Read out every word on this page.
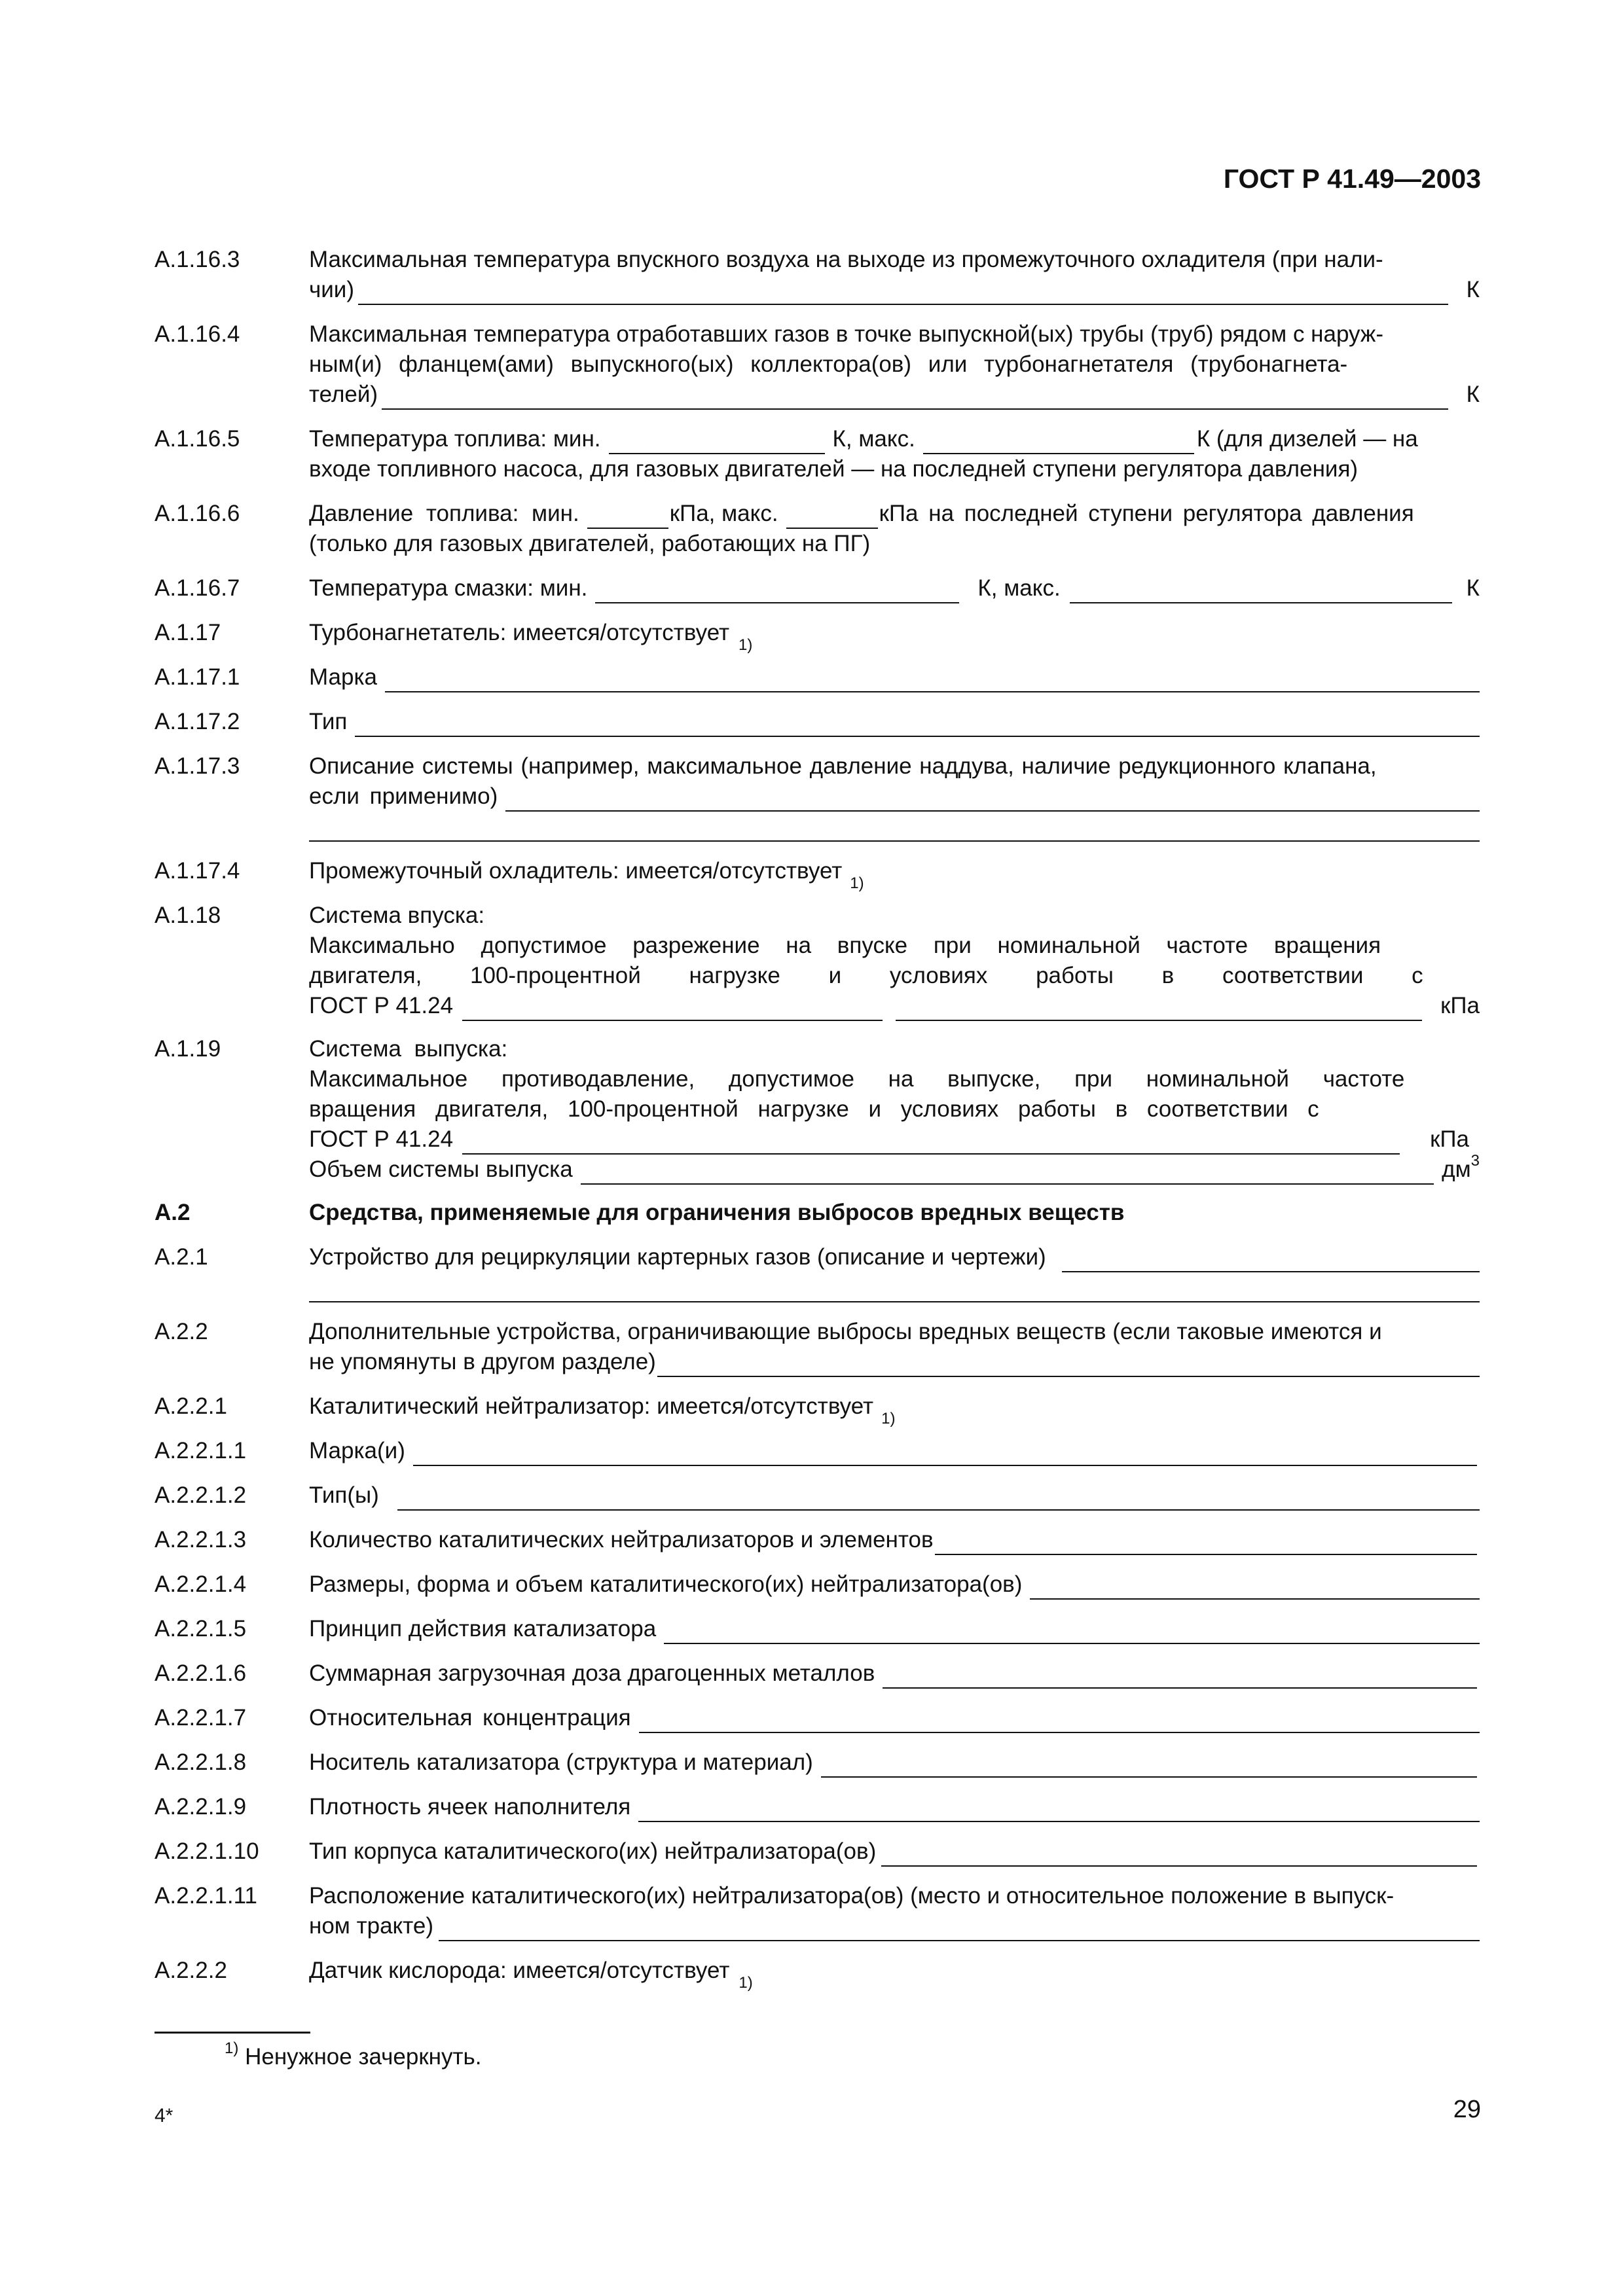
ГОСТ Р 41.49—2003
А.1.16.3	Максимальная температура впускного воздуха на выходе из промежуточного охладителя (при нали-
чии)	К
А.1.16.4	Максимальная температура отработавших газов в точке выпускной(ых) трубы (труб) рядом с наруж-
ным(и) фланцем(ами) выпускного(ых) коллектора(ов) или турбонагнетателя (трубонагнета-
телей)	К
А.1.16.5	Температура топлива: мин.	К, макс.	К (для дизелей — на
входе топливного насоса, для газовых двигателей — на последней ступени регулятора давления)
А.1.16.6	Давление топлива: мин.	кПа, макс.	кПа на последней ступени регулятора давления
(только для газовых двигателей, работающих на ПГ)
А.1.16.7	Температура смазки: мин.	К, макс.	К
А.1.17	Турбонагнетатель: имеется/отсутствует $^{1)}$
А.1.17.1	Марка
А.1.17.2	Тип
А.1.17.3	Описание системы (например, максимальное давление наддува, наличие редукционного клапана,
если применимо)
А.1.17.4	Промежуточный охладитель: имеется/отсутствует $^{1)}$
А.1.18	Система впуска:
Максимально допустимое разрежение на впуске при номинальной частоте вращения
двигателя, 100-процентной нагрузке и условиях работы в соответствии с
ГОСТ Р 41.24	кПа
А.1.19	Система выпуска:
Максимальное противодавление, допустимое на выпуске, при номинальной частоте
вращения двигателя, 100-процентной нагрузке и условиях работы в соответствии с
ГОСТ Р 41.24	кПа
Объем системы выпуска	$дм^3$
А.2	Средства, применяемые для ограничения выбросов вредных веществ
А.2.1	Устройство для рециркуляции картерных газов (описание и чертежи)
А.2.2	Дополнительные устройства, ограничивающие выбросы вредных веществ (если таковые имеются и
не упомянуты в другом разделе)
А.2.2.1	Каталитический нейтрализатор: имеется/отсутствует $^{1)}$
А.2.2.1.1	Марка(и)
А.2.2.1.2	Тип(ы)
А.2.2.1.3	Количество каталитических нейтрализаторов и элементов
А.2.2.1.4	Размеры, форма и объем каталитического(их) нейтрализатора(ов)
А.2.2.1.5	Принцип действия катализатора
А.2.2.1.6	Суммарная загрузочная доза драгоценных металлов
А.2.2.1.7	Относительная концентрация
А.2.2.1.8	Носитель катализатора (структура и материал)
А.2.2.1.9	Плотность ячеек наполнителя
А.2.2.1.10 Тип корпуса каталитического(их) нейтрализатора(ов)
А.2.2.1.11 Расположение каталитического(их) нейтрализатора(ов) (место и относительное положение в выпуск-
ном тракте)
А.2.2.2	Датчик кислорода: имеется/отсутствует $^{1)}$
$^{1)}$ Ненужное зачеркнуть.
4*	29
